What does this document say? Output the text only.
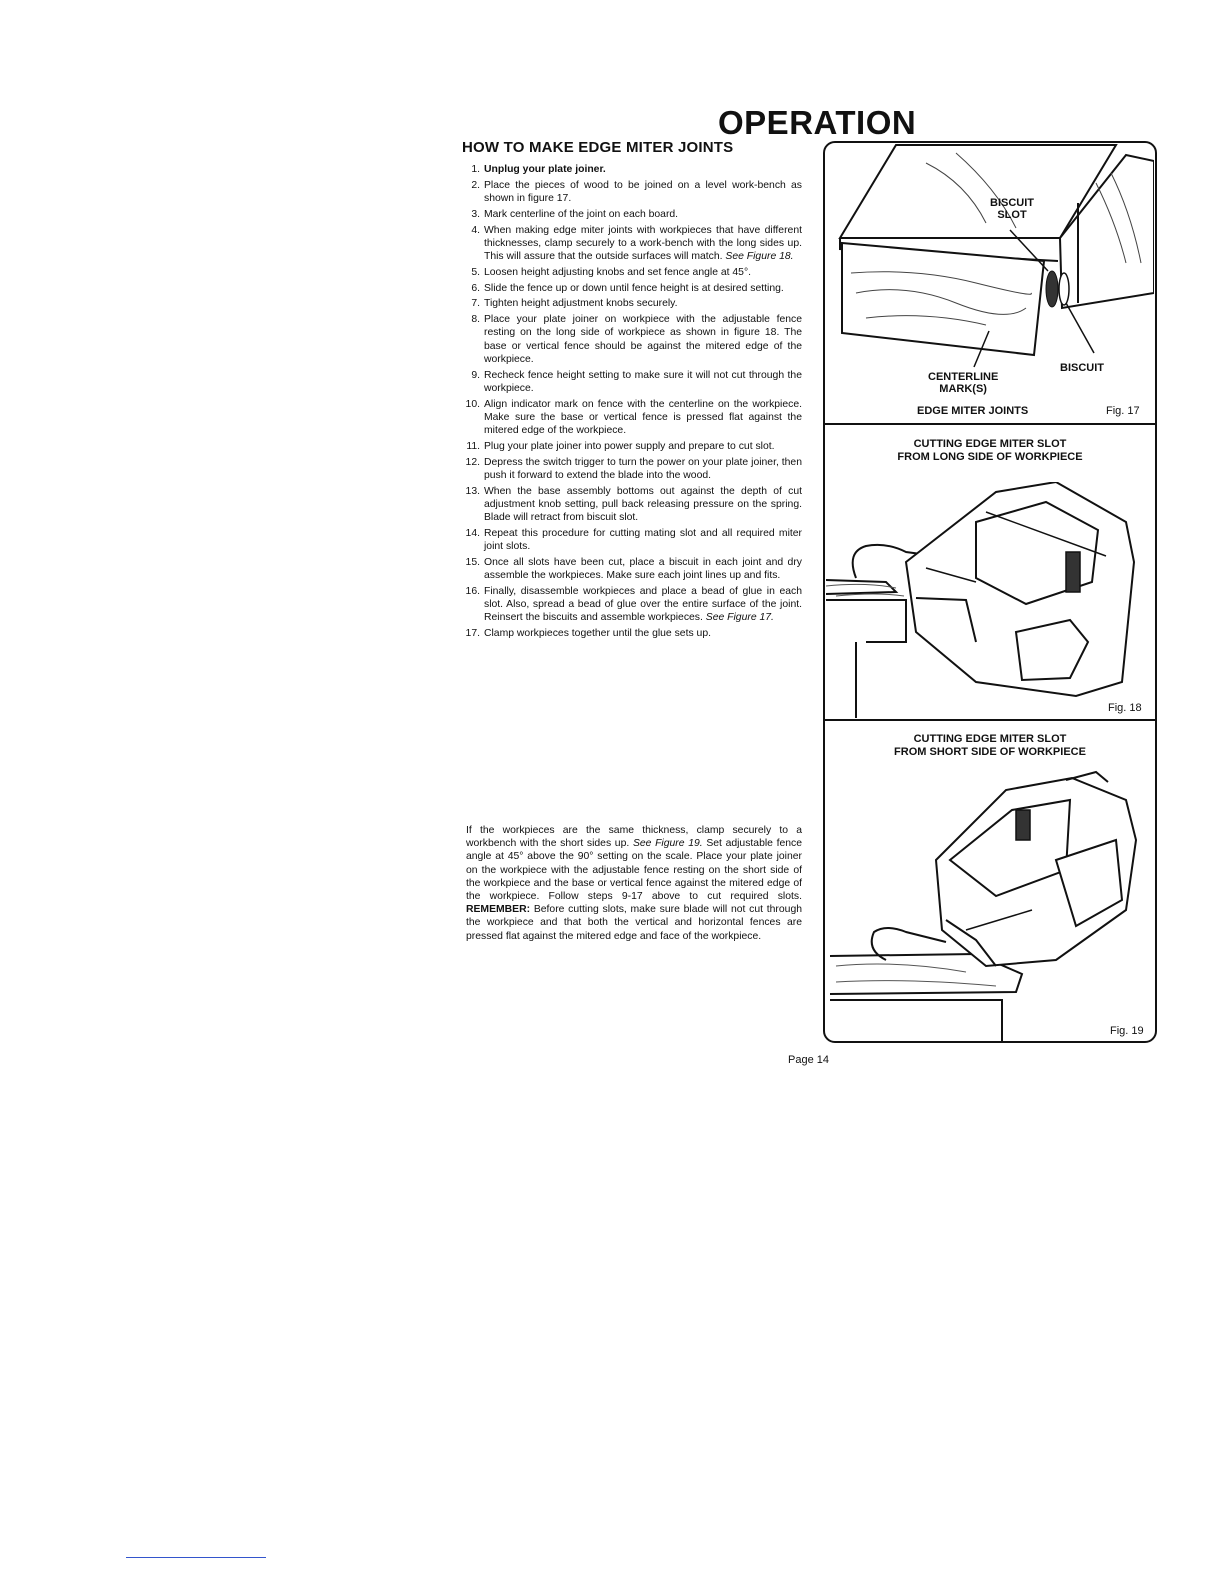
OPERATION
HOW TO MAKE EDGE MITER JOINTS
1. Unplug your plate joiner.
2. Place the pieces of wood to be joined on a level work-bench as shown in figure 17.
3. Mark centerline of the joint on each board.
4. When making edge miter joints with workpieces that have different thicknesses, clamp securely to a work-bench with the long sides up. This will assure that the outside surfaces will match. See Figure 18.
5. Loosen height adjusting knobs and set fence angle at 45°.
6. Slide the fence up or down until fence height is at desired setting.
7. Tighten height adjustment knobs securely.
8. Place your plate joiner on workpiece with the adjustable fence resting on the long side of workpiece as shown in figure 18. The base or vertical fence should be against the mitered edge of the workpiece.
9. Recheck fence height setting to make sure it will not cut through the workpiece.
10. Align indicator mark on fence with the centerline on the workpiece. Make sure the base or vertical fence is pressed flat against the mitered edge of the workpiece.
11. Plug your plate joiner into power supply and prepare to cut slot.
12. Depress the switch trigger to turn the power on your plate joiner, then push it forward to extend the blade into the wood.
13. When the base assembly bottoms out against the depth of cut adjustment knob setting, pull back releasing pressure on the spring. Blade will retract from biscuit slot.
14. Repeat this procedure for cutting mating slot and all required miter joint slots.
15. Once all slots have been cut, place a biscuit in each joint and dry assemble the workpieces. Make sure each joint lines up and fits.
16. Finally, disassemble workpieces and place a bead of glue in each slot. Also, spread a bead of glue over the entire surface of the joint. Reinsert the biscuits and assemble workpieces. See Figure 17.
17. Clamp workpieces together until the glue sets up.
If the workpieces are the same thickness, clamp securely to a workbench with the short sides up. See Figure 19. Set adjustable fence angle at 45° above the 90° setting on the scale. Place your plate joiner on the workpiece with the adjustable fence resting on the short side of the workpiece and the base or vertical fence against the mitered edge of the workpiece. Follow steps 9-17 above to cut required slots. REMEMBER: Before cutting slots, make sure blade will not cut through the workpiece and that both the vertical and horizontal fences are pressed flat against the mitered edge and face of the workpiece.
BISCUIT
SLOT
BISCUIT
CENTERLINE
MARK(S)
EDGE MITER JOINTS	Fig. 17
CUTTING EDGE MITER SLOT
FROM LONG SIDE OF WORKPIECE
Fig. 18
CUTTING EDGE MITER SLOT
FROM SHORT SIDE OF WORKPIECE
Fig. 19
Page 14
